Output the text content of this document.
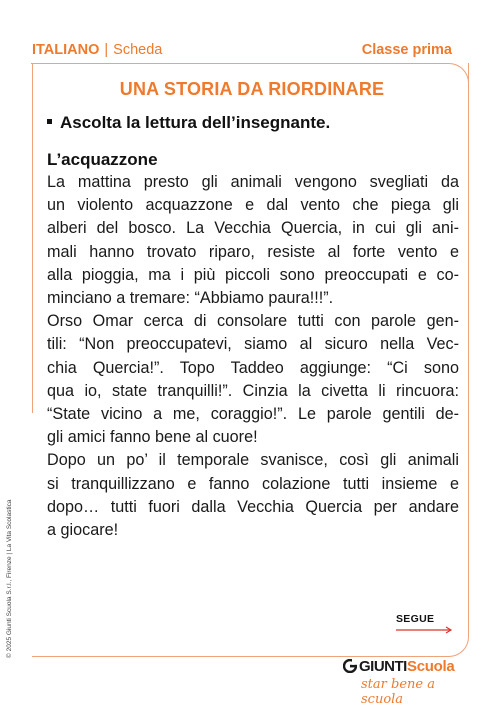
ITALIANO | Scheda	Classe prima
UNA STORIA DA RIORDINARE
Ascolta la lettura dell’insegnante.
L’acquazzone
La mattina presto gli animali vengono svegliati da
un violento acquazzone e dal vento che piega gli
alberi del bosco. La Vecchia Quercia, in cui gli ani-
mali hanno trovato riparo, resiste al forte vento e
alla pioggia, ma i più piccoli sono preoccupati e co-
minciano a tremare: “Abbiamo paura!!!”.
Orso Omar cerca di consolare tutti con parole gen-
tili: “Non preoccupatevi, siamo al sicuro nella Vec-
chia Quercia!”. Topo Taddeo aggiunge: “Ci sono
qua io, state tranquilli!”. Cinzia la civetta li rincuora:
“State vicino a me, coraggio!”. Le parole gentili de-
gli amici fanno bene al cuore!
Dopo un po’ il temporale svanisce, così gli animali
si tranquillizzano e fanno colazione tutti insieme e
dopo… tutti fuori dalla Vecchia Quercia per andare
a giocare!
SEGUE
© 2025 Giunti Scuola S.r.l., Firenze | La Vita Scolastica
GIUNTI Scuola
star bene a scuola
